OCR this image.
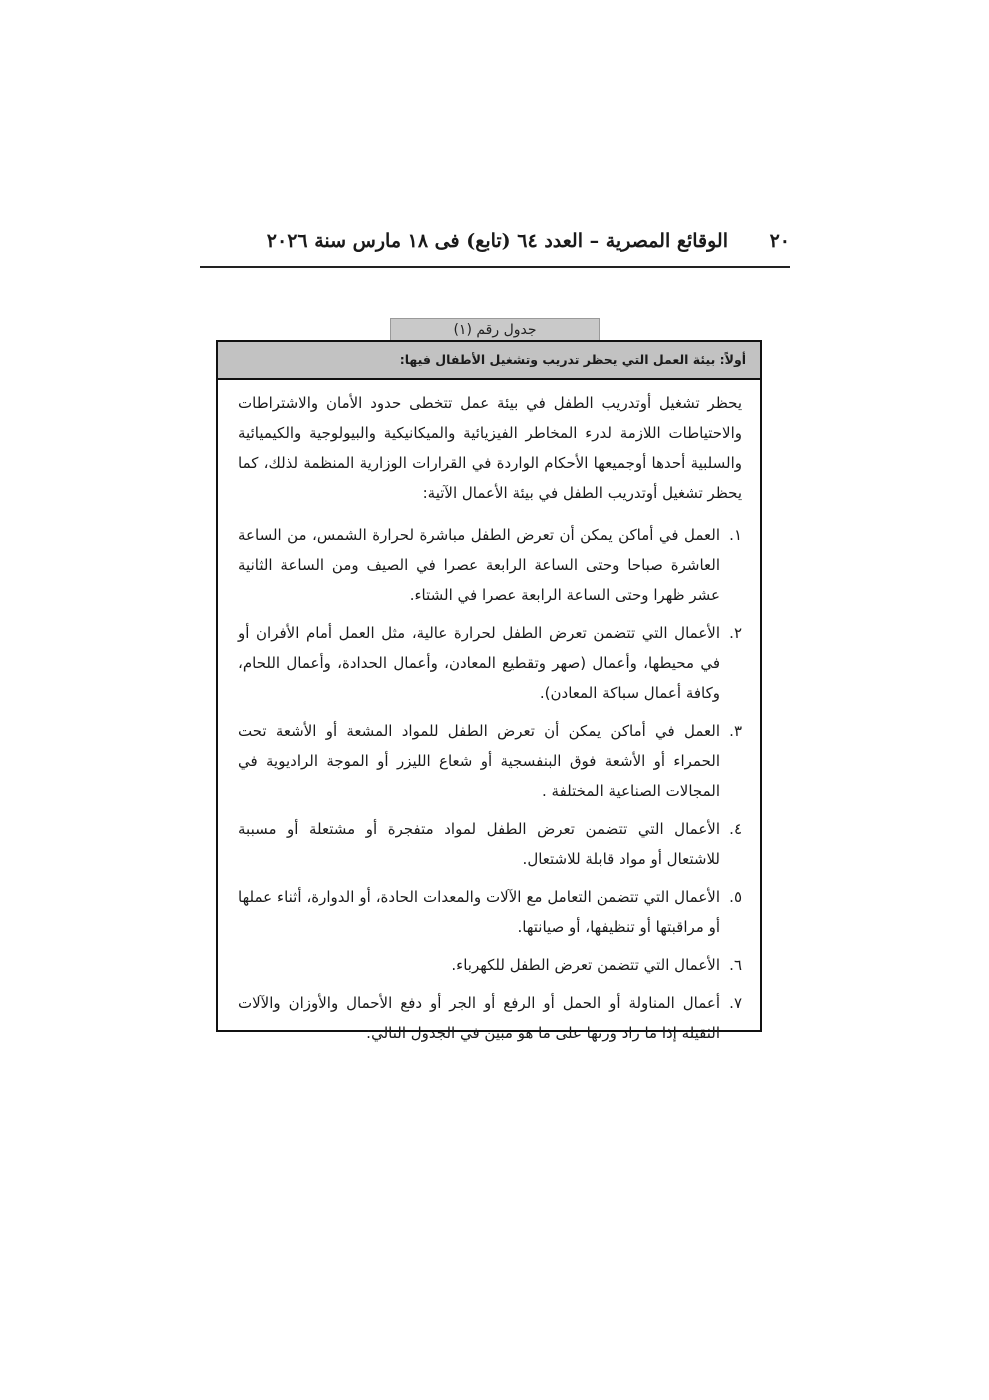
٢٠
الوقائع المصرية – العدد ٦٤ (تابع) فى ١٨ مارس سنة ٢٠٢٦
جدول رقم (١)
أولاً: بيئة العمل التي يحظر تدريب وتشغيل الأطفال فيها:

يحظر تشغيل أوتدريب الطفل في بيئة عمل تتخطى حدود الأمان والاشتراطات والاحتياطات اللازمة لدرء المخاطر الفيزيائية والميكانيكية والبيولوجية والكيميائية والسلبية أحدها أوجميعها الأحكام الواردة في القرارات الوزارية المنظمة لذلك، كما يحظر تشغيل أوتدريب الطفل في بيئة الأعمال الآتية:

١.
العمل في أماكن يمكن أن تعرض الطفل مباشرة لحرارة الشمس، من الساعة العاشرة صباحا وحتى الساعة الرابعة عصرا في الصيف ومن الساعة الثانية عشر ظهرا وحتى الساعة الرابعة عصرا في الشتاء.
٢.
الأعمال التي تتضمن تعرض الطفل لحرارة عالية، مثل العمل أمام الأفران أو في محيطها، وأعمال (صهر وتقطيع المعادن، وأعمال الحدادة، وأعمال اللحام، وكافة أعمال سباكة المعادن).
٣.
العمل في أماكن يمكن أن تعرض الطفل للمواد المشعة أو الأشعة تحت الحمراء أو الأشعة فوق البنفسجية أو شعاع الليزر أو الموجة الراديوية في المجالات الصناعية المختلفة .
٤.
الأعمال التي تتضمن تعرض الطفل لمواد متفجرة أو مشتعلة أو مسببة للاشتعال أو مواد قابلة للاشتعال.
٥.
الأعمال التي تتضمن التعامل مع الآلات والمعدات الحادة، أو الدوارة، أثناء عملها أو مراقبتها أو تنظيفها، أو صيانتها.
٦.
الأعمال التي تتضمن تعرض الطفل للكهرباء.
٧.
أعمال المناولة أو الحمل أو الرفع أو الجر أو دفع الأحمال والأوزان والآلات الثقيلة إذا ما زاد وزنها على ما هو مبين في الجدول التالي:
